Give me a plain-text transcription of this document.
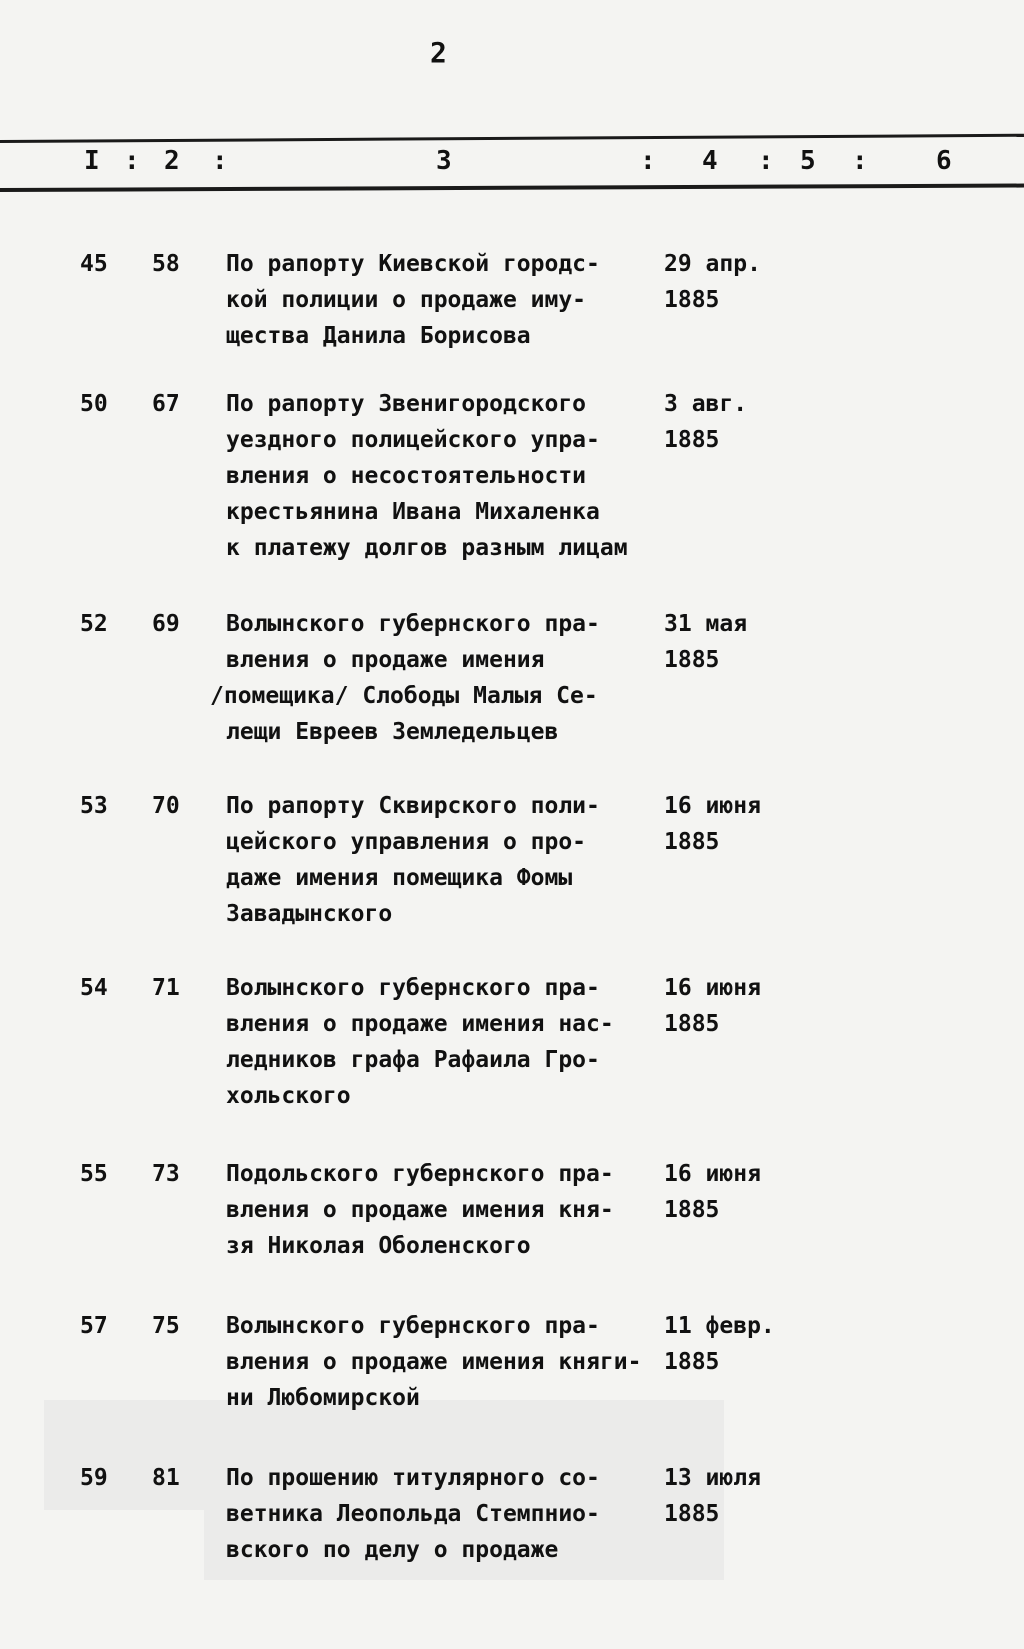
2
I : 2 :	3	: 4 : 5 :	6
45 58 По рапорту Киевской городс-
кой полиции о продаже иму-
щества Данила Борисова
29 апр.
1885
50 67 По рапорту Звенигородского
уездного полицейского упра-
вления о несостоятельности
крестьянина Ивана Михаленка
к платежу долгов разным лицам
3 авг.
1885
52 69	Волынского губернского пра-
вления о продаже имения
/помещика/ Слободы Малыя Се-
лещи Евреев Земледельцев
31 мая
1885
53 70 По рапорту Сквирского поли-
цейского управления о про-
даже имения помещика Фомы
Завадынского
16 июня
1885
54 71 Волынского губернского пра-
вления о продаже имения нас-
ледников графа Рафаила Гро-
хольского
16 июня
1885
55 73 Подольского губернского пра-
вления о продаже имения кня-
зя Николая Оболенского
16 июня
1885
57 75 Волынского губернского пра-
вления о продаже имения княги-
ни Любомирской
11 февр.
1885
59 81 По прошению титулярного со-
ветника Леопольда Стемпнио-
вского по делу о продаже
13 июля
1885
